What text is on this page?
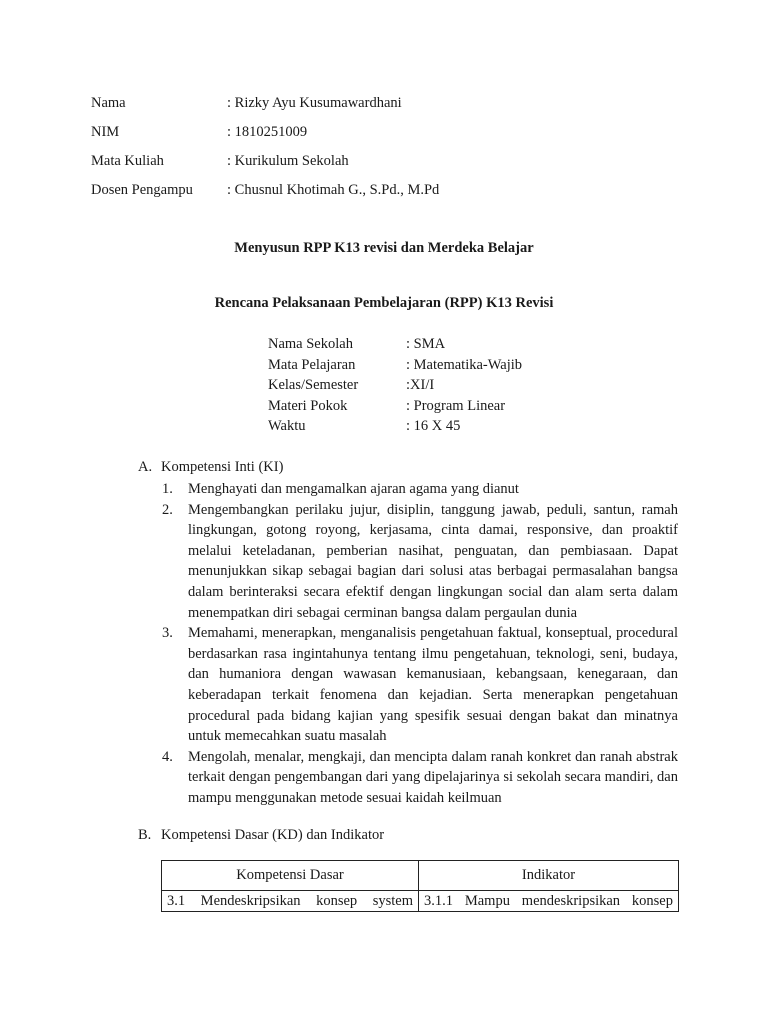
Nama	: Rizky Ayu Kusumawardhani
NIM	: 1810251009
Mata Kuliah	: Kurikulum Sekolah
Dosen Pengampu : Chusnul Khotimah G., S.Pd., M.Pd
Menyusun RPP K13 revisi dan Merdeka Belajar
Rencana Pelaksanaan Pembelajaran (RPP) K13 Revisi
Nama Sekolah	: SMA
Mata Pelajaran	: Matematika-Wajib
Kelas/Semester	:XI/I
Materi Pokok	: Program Linear
Waktu	: 16 X 45
A. Kompetensi Inti (KI)
1. Menghayati dan mengamalkan ajaran agama yang dianut
2. Mengembangkan perilaku jujur, disiplin, tanggung jawab, peduli, santun, ramah lingkungan, gotong royong, kerjasama, cinta damai, responsive, dan proaktif melalui keteladanan, pemberian nasihat, penguatan, dan pembiasaan. Dapat menunjukkan sikap sebagai bagian dari solusi atas berbagai permasalahan bangsa dalam berinteraksi secara efektif dengan lingkungan social dan alam serta dalam menempatkan diri sebagai cerminan bangsa dalam pergaulan dunia
3. Memahami, menerapkan, menganalisis pengetahuan faktual, konseptual, procedural berdasarkan rasa ingintahunya tentang ilmu pengetahuan, teknologi, seni, budaya, dan humaniora dengan wawasan kemanusiaan, kebangsaan, kenegaraan, dan keberadapan terkait fenomena dan kejadian. Serta menerapkan pengetahuan procedural pada bidang kajian yang spesifik sesuai dengan bakat dan minatnya untuk memecahkan suatu masalah
4. Mengolah, menalar, mengkaji, dan mencipta dalam ranah konkret dan ranah abstrak terkait dengan pengembangan dari yang dipelajarinya si sekolah secara mandiri, dan mampu menggunakan metode sesuai kaidah keilmuan
B. Kompetensi Dasar (KD) dan Indikator
Kompetensi Dasar	Indikator
3.1 Mendeskripsikan konsep system	3.1.1 Mampu mendeskripsikan konsep
